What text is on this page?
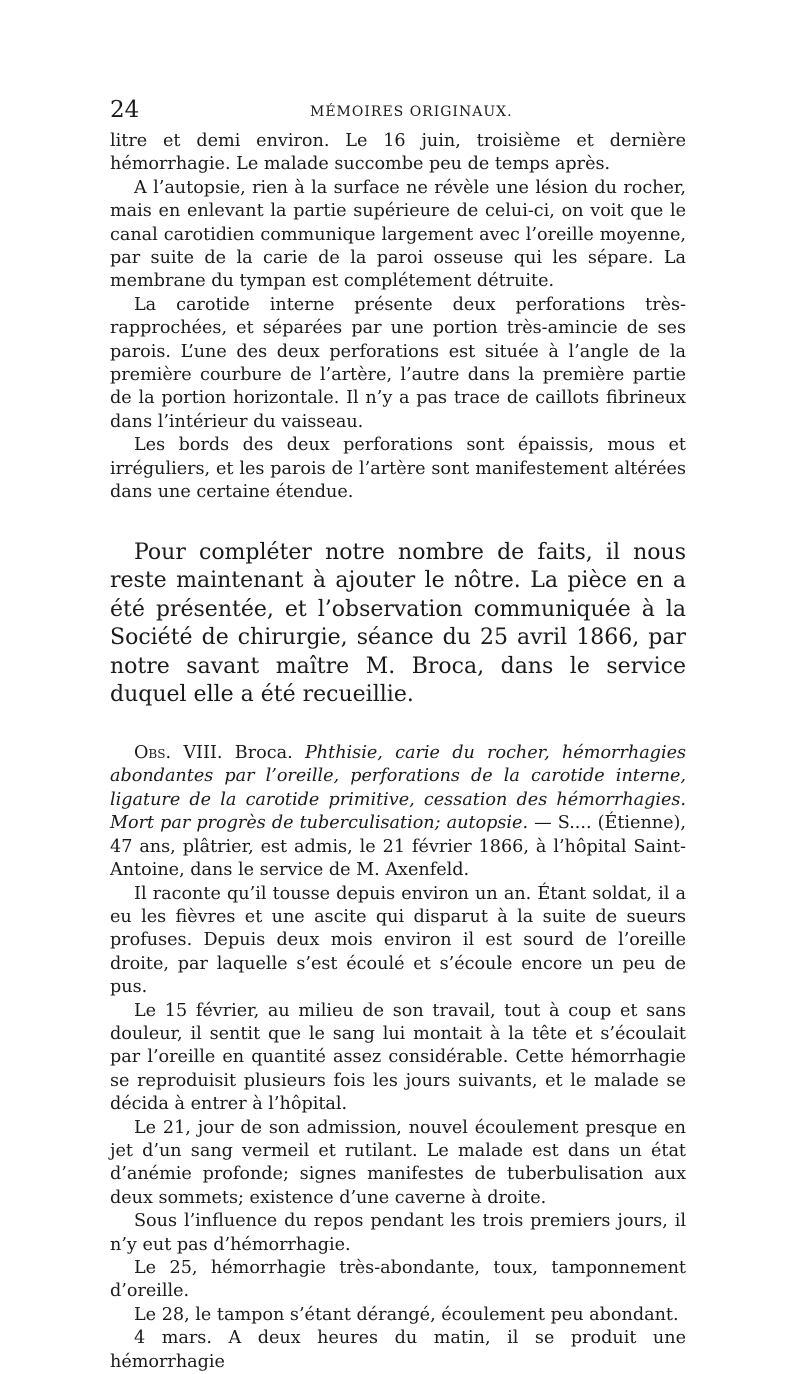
24	MÉMOIRES ORIGINAUX.

litre et demi environ. Le 16 juin, troisième et dernière hémorrhagie. Le malade succombe peu de temps après.

A l’autopsie, rien à la surface ne révèle une lésion du rocher, mais en enlevant la partie supérieure de celui-ci, on voit que le canal carotidien communique largement avec l’oreille moyenne, par suite de la carie de la paroi osseuse qui les sépare. La membrane du tympan est complétement détruite.

La carotide interne présente deux perforations très-rapprochées, et séparées par une portion très-amincie de ses parois. L’une des deux perforations est située à l’angle de la première courbure de l’artère, l’autre dans la première partie de la portion horizontale. Il n’y a pas trace de caillots fibrineux dans l’intérieur du vaisseau.

Les bords des deux perforations sont épaissis, mous et irréguliers, et les parois de l’artère sont manifestement altérées dans une certaine étendue.

Pour compléter notre nombre de faits, il nous reste maintenant à ajouter le nôtre. La pièce en a été présentée, et l’observation communiquée à la Société de chirurgie, séance du 25 avril 1866, par notre savant maître M. Broca, dans le service duquel elle a été recueillie.

Obs. VIII. Broca. Phthisie, carie du rocher, hémorrhagies abondantes par l’oreille, perforations de la carotide interne, ligature de la carotide primitive, cessation des hémorrhagies. Mort par progrès de tuberculisation; autopsie. — S.... (Étienne), 47 ans, plâtrier, est admis, le 21 février 1866, à l’hôpital Saint-Antoine, dans le service de M. Axenfeld.

Il raconte qu’il tousse depuis environ un an. Étant soldat, il a eu les fièvres et une ascite qui disparut à la suite de sueurs profuses. Depuis deux mois environ il est sourd de l’oreille droite, par laquelle s’est écoulé et s’écoule encore un peu de pus.

Le 15 février, au milieu de son travail, tout à coup et sans douleur, il sentit que le sang lui montait à la tête et s’écoulait par l’oreille en quantité assez considérable. Cette hémorrhagie se reproduisit plusieurs fois les jours suivants, et le malade se décida à entrer à l’hôpital.

Le 21, jour de son admission, nouvel écoulement presque en jet d’un sang vermeil et rutilant. Le malade est dans un état d’anémie profonde; signes manifestes de tuberbulisation aux deux sommets; existence d’une caverne à droite.

Sous l’influence du repos pendant les trois premiers jours, il n’y eut pas d’hémorrhagie.

Le 25, hémorrhagie très-abondante, toux, tamponnement d’oreille.

Le 28, le tampon s’étant dérangé, écoulement peu abondant.

4 mars. A deux heures du matin, il se produit une hémorrhagie
